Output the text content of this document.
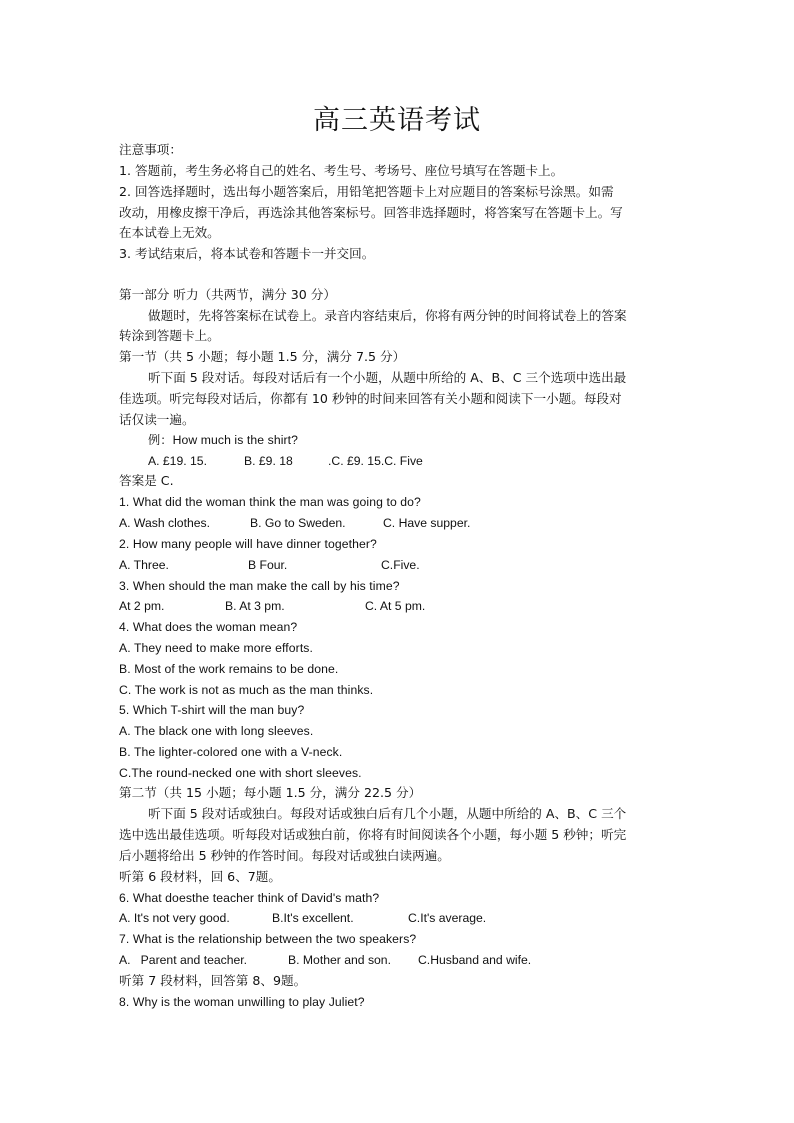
高三英语考试
注意事项：
1. 答题前，考生务必将自己的姓名、考生号、考场号、座位号填写在答题卡上。
2. 回答选择题时，选出每小题答案后，用铅笔把答题卡上对应题目的答案标号涂黑。如需
改动，用橡皮擦干净后，再选涂其他答案标号。回答非选择题时，将答案写在答题卡上。写
在本试卷上无效。
3. 考试结束后，将本试卷和答题卡一并交回。
第一部分 听力（共两节，满分 30 分）
做题时，先将答案标在试卷上。录音内容结束后，你将有两分钟的时间将试卷上的答案
转涂到答题卡上。
第一节（共 5 小题；每小题 1.5 分，满分 7.5 分）
听下面 5 段对话。每段对话后有一个小题，从题中所给的 A、B、C 三个选项中选出最
佳选项。听完每段对话后，你都有 10 秒钟的时间来回答有关小题和阅读下一小题。每段对
话仅读一遍。
例：How much is the shirt?
A. £19. 15.	B. £9. 18	.C. £9. 15.C. Five
答案是 C.
1. What did the woman think the man was going to do?
A. Wash clothes.	B. Go to Sweden.	C. Have supper.
2. How many people will have dinner together?
A. Three.	B Four.	C.Five.
3. When should the man make the call by his time?
At 2 pm.	B. At 3 pm.	C. At 5 pm.
4. What does the woman mean?
A. They need to make more efforts.
B. Most of the work remains to be done.
C. The work is not as much as the man thinks.
5. Which T-shirt will the man buy?
A. The black one with long sleeves.
B. The lighter-colored one with a V-neck.
C.The round-necked one with short sleeves.
第二节（共 15 小题；每小题 1.5 分，满分 22.5 分）
听下面 5 段对话或独白。每段对话或独白后有几个小题，从题中所给的 A、B、C 三个
选中选出最佳选项。听每段对话或独白前，你将有时间阅读各个小题，每小题 5 秒钟；听完
后小题将给出 5 秒钟的作答时间。每段对话或独白读两遍。
听第 6 段材料，回 6、7题。
6. What doesthe teacher think of David's math?
A. It's not very good.	B.It's excellent.	C.It's average.
7. What is the relationship between the two speakers?
A.   Parent and teacher.	B. Mother and son. C.Husband and wife.
听第 7 段材料，回答第 8、9题。
8. Why is the woman unwilling to play Juliet?
